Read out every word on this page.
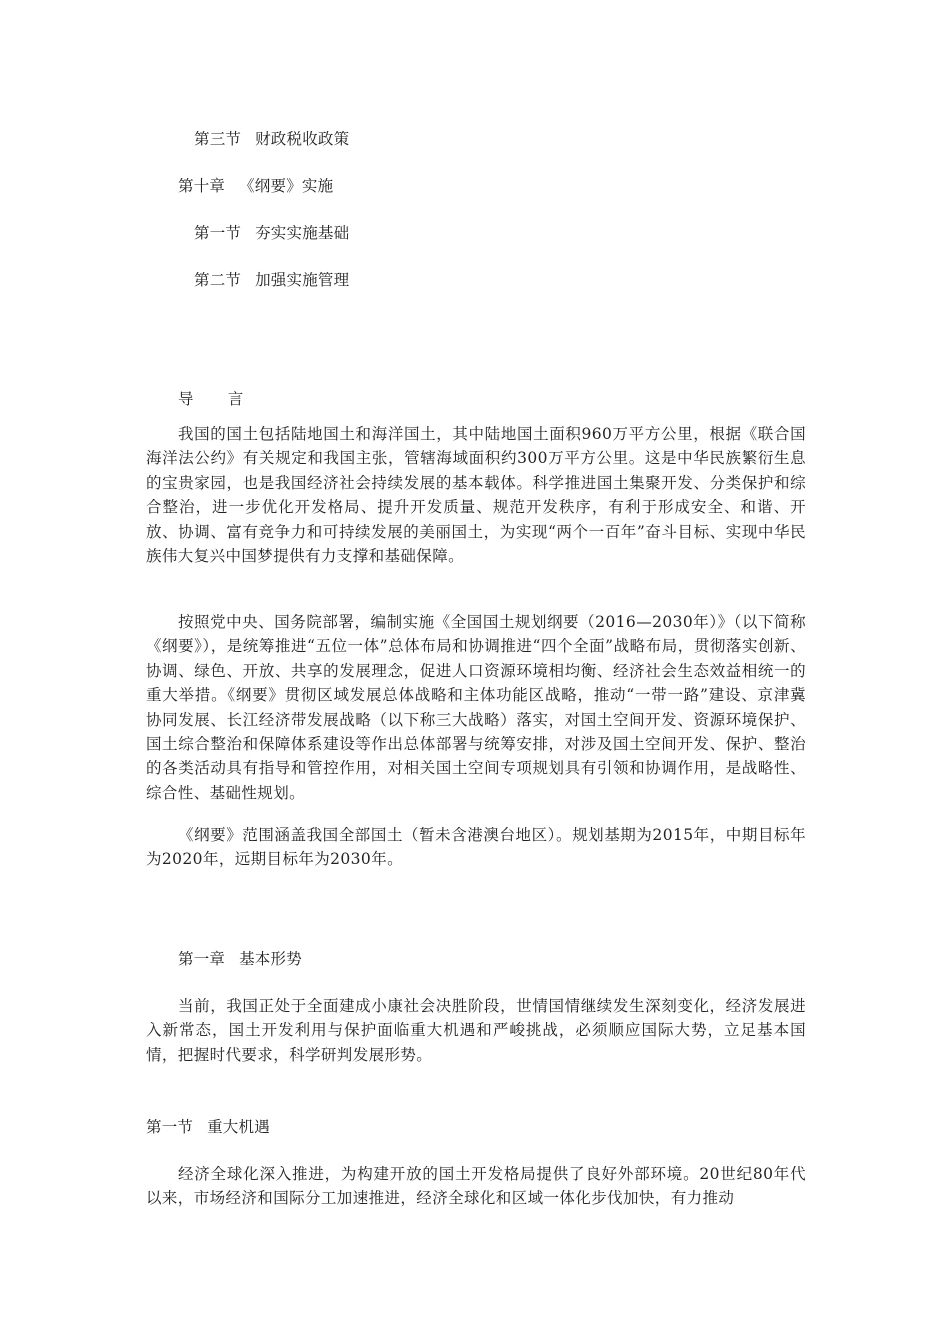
第三节 财政税收政策
第十章 《纲要》实施
第一节 夯实实施基础
第二节 加强实施管理
导 言

我国的国土包括陆地国土和海洋国土，其中陆地国土面积960万平方公里，根据《联合国海洋法公约》有关规定和我国主张，管辖海域面积约300万平方公里。这是中华民族繁衍生息的宝贵家园，也是我国经济社会持续发展的基本载体。科学推进国土集聚开发、分类保护和综合整治，进一步优化开发格局、提升开发质量、规范开发秩序，有利于形成安全、和谐、开放、协调、富有竞争力和可持续发展的美丽国土，为实现“两个一百年”奋斗目标、实现中华民族伟大复兴中国梦提供有力支撑和基础保障。

按照党中央、国务院部署，编制实施《全国国土规划纲要（2016—2030年）》（以下简称《纲要》），是统筹推进“五位一体”总体布局和协调推进“四个全面”战略布局，贯彻落实创新、协调、绿色、开放、共享的发展理念，促进人口资源环境相均衡、经济社会生态效益相统一的重大举措。《纲要》贯彻区域发展总体战略和主体功能区战略，推动“一带一路”建设、京津冀协同发展、长江经济带发展战略（以下称三大战略）落实，对国土空间开发、资源环境保护、国土综合整治和保障体系建设等作出总体部署与统筹安排，对涉及国土空间开发、保护、整治的各类活动具有指导和管控作用，对相关国土空间专项规划具有引领和协调作用，是战略性、综合性、基础性规划。

《纲要》范围涵盖我国全部国土（暂未含港澳台地区）。规划基期为2015年，中期目标年为2020年，远期目标年为2030年。

第一章 基本形势

当前，我国正处于全面建成小康社会决胜阶段，世情国情继续发生深刻变化，经济发展进入新常态，国土开发利用与保护面临重大机遇和严峻挑战，必须顺应国际大势，立足基本国情，把握时代要求，科学研判发展形势。

第一节 重大机遇

经济全球化深入推进，为构建开放的国土开发格局提供了良好外部环境。20世纪80年代以来，市场经济和国际分工加速推进，经济全球化和区域一体化步伐加快，有力推动
